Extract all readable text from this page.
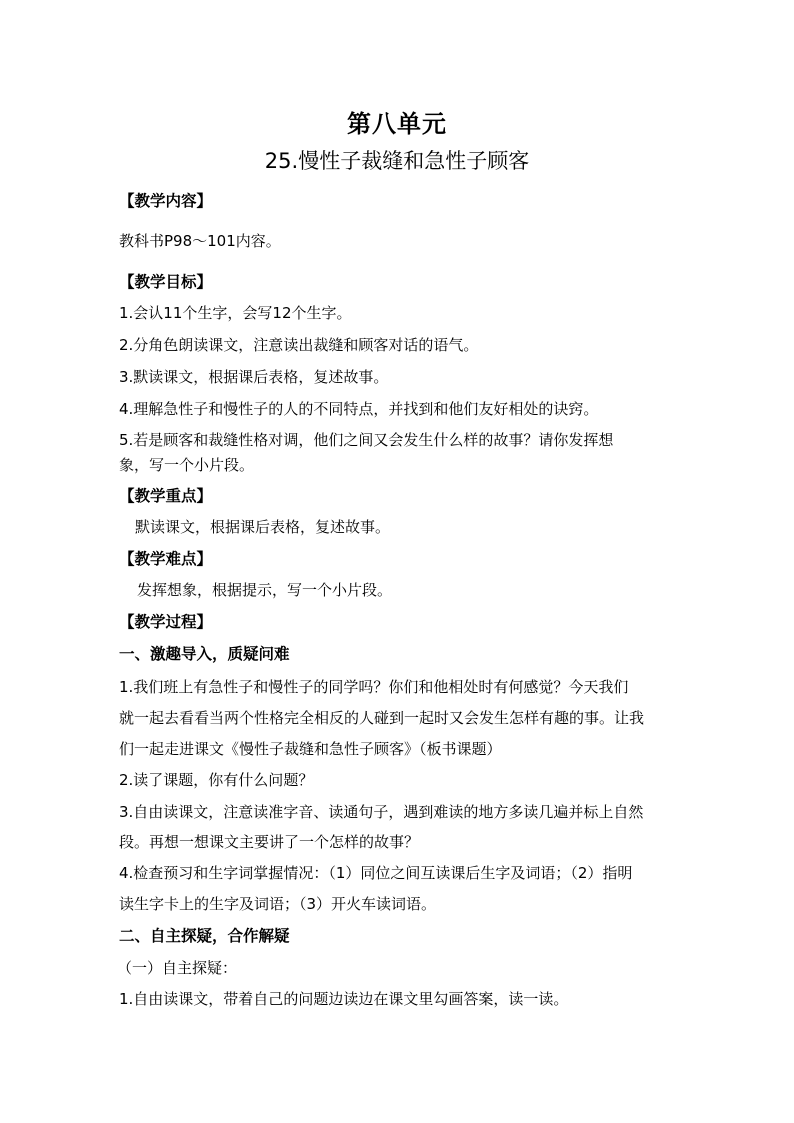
第八单元
25.慢性子裁缝和急性子顾客
【教学内容】
教科书P98～101内容。
【教学目标】
1.会认11个生字，会写12个生字。
2.分角色朗读课文，注意读出裁缝和顾客对话的语气。
3.默读课文，根据课后表格，复述故事。
4.理解急性子和慢性子的人的不同特点，并找到和他们友好相处的诀窍。
5.若是顾客和裁缝性格对调，他们之间又会发生什么样的故事？请你发挥想
象，写一个小片段。
【教学重点】
默读课文，根据课后表格，复述故事。
【教学难点】
发挥想象，根据提示，写一个小片段。
【教学过程】
一、激趣导入，质疑问难
1.我们班上有急性子和慢性子的同学吗？你们和他相处时有何感觉？今天我们
就一起去看看当两个性格完全相反的人碰到一起时又会发生怎样有趣的事。让我
们一起走进课文《慢性子裁缝和急性子顾客》（板书课题）
2.读了课题，你有什么问题？
3.自由读课文，注意读准字音、读通句子，遇到难读的地方多读几遍并标上自然
段。再想一想课文主要讲了一个怎样的故事？
4.检查预习和生字词掌握情况：（1）同位之间互读课后生字及词语；（2）指明
读生字卡上的生字及词语；（3）开火车读词语。
二、自主探疑，合作解疑
（一）自主探疑：
1.自由读课文，带着自己的问题边读边在课文里勾画答案，读一读。
